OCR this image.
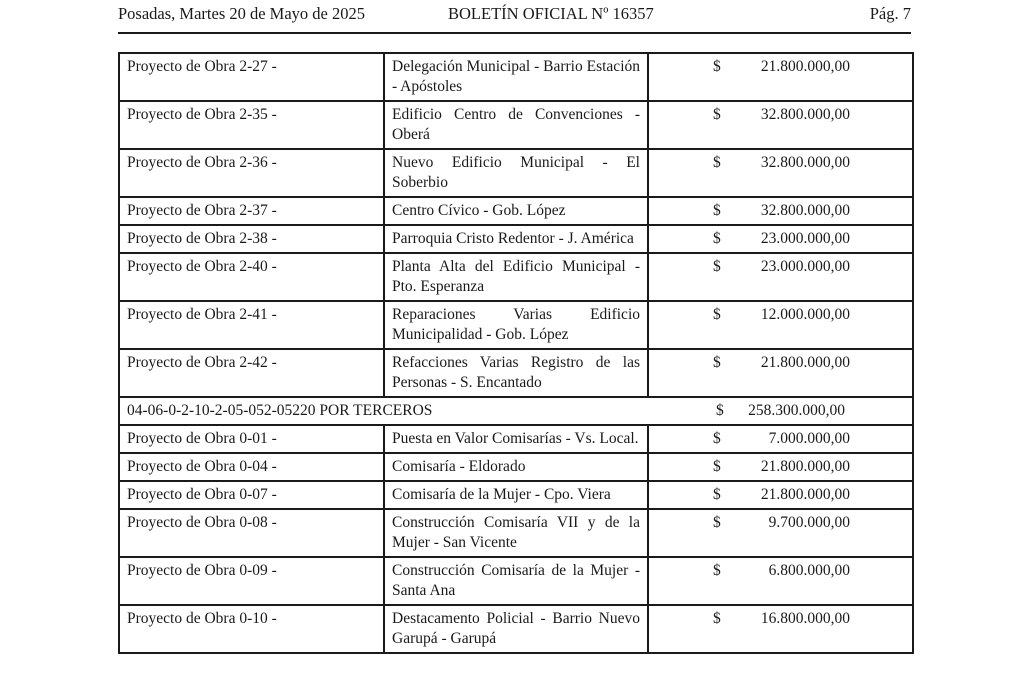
Posadas, Martes 20 de Mayo de 2025	BOLETÍN OFICIAL Nº 16357	Pág. 7
Proyecto de Obra 2-27 -	Delegación Municipal - Barrio Estación - Apóstoles	$ 21.800.000,00

Proyecto de Obra 2-35 -	Edificio Centro de Convenciones - Oberá	$ 32.800.000,00

Proyecto de Obra 2-36 -	Nuevo Edificio Municipal - El Soberbio	$ 32.800.000,00

Proyecto de Obra 2-37 -	Centro Cívico - Gob. López	$ 32.800.000,00

Proyecto de Obra 2-38 -	Parroquia Cristo Redentor - J. América	$ 23.000.000,00

Proyecto de Obra 2-40 -	Planta Alta del Edificio Municipal - Pto. Esperanza	$ 23.000.000,00

Proyecto de Obra 2-41 -	Reparaciones Varias Edificio Municipalidad - Gob. López	$ 12.000.000,00

Proyecto de Obra 2-42 -	Refacciones Varias Registro de las Personas - S. Encantado	$ 21.800.000,00

04-06-0-2-10-2-05-052-05220 POR TERCEROS		$ 258.300.000,00

Proyecto de Obra 0-01 -	Puesta en Valor Comisarías - Vs. Local.	$ 7.000.000,00

Proyecto de Obra 0-04 -	Comisaría - Eldorado	$ 21.800.000,00

Proyecto de Obra 0-07 -	Comisaría de la Mujer - Cpo. Viera	$ 21.800.000,00

Proyecto de Obra 0-08 -	Construcción Comisaría VII y de la Mujer - San Vicente	$ 9.700.000,00

Proyecto de Obra 0-09 -	Construcción Comisaría de la Mujer - Santa Ana	$ 6.800.000,00

Proyecto de Obra 0-10 -	Destacamento Policial - Barrio Nuevo Garupá - Garupá	$ 16.800.000,00
